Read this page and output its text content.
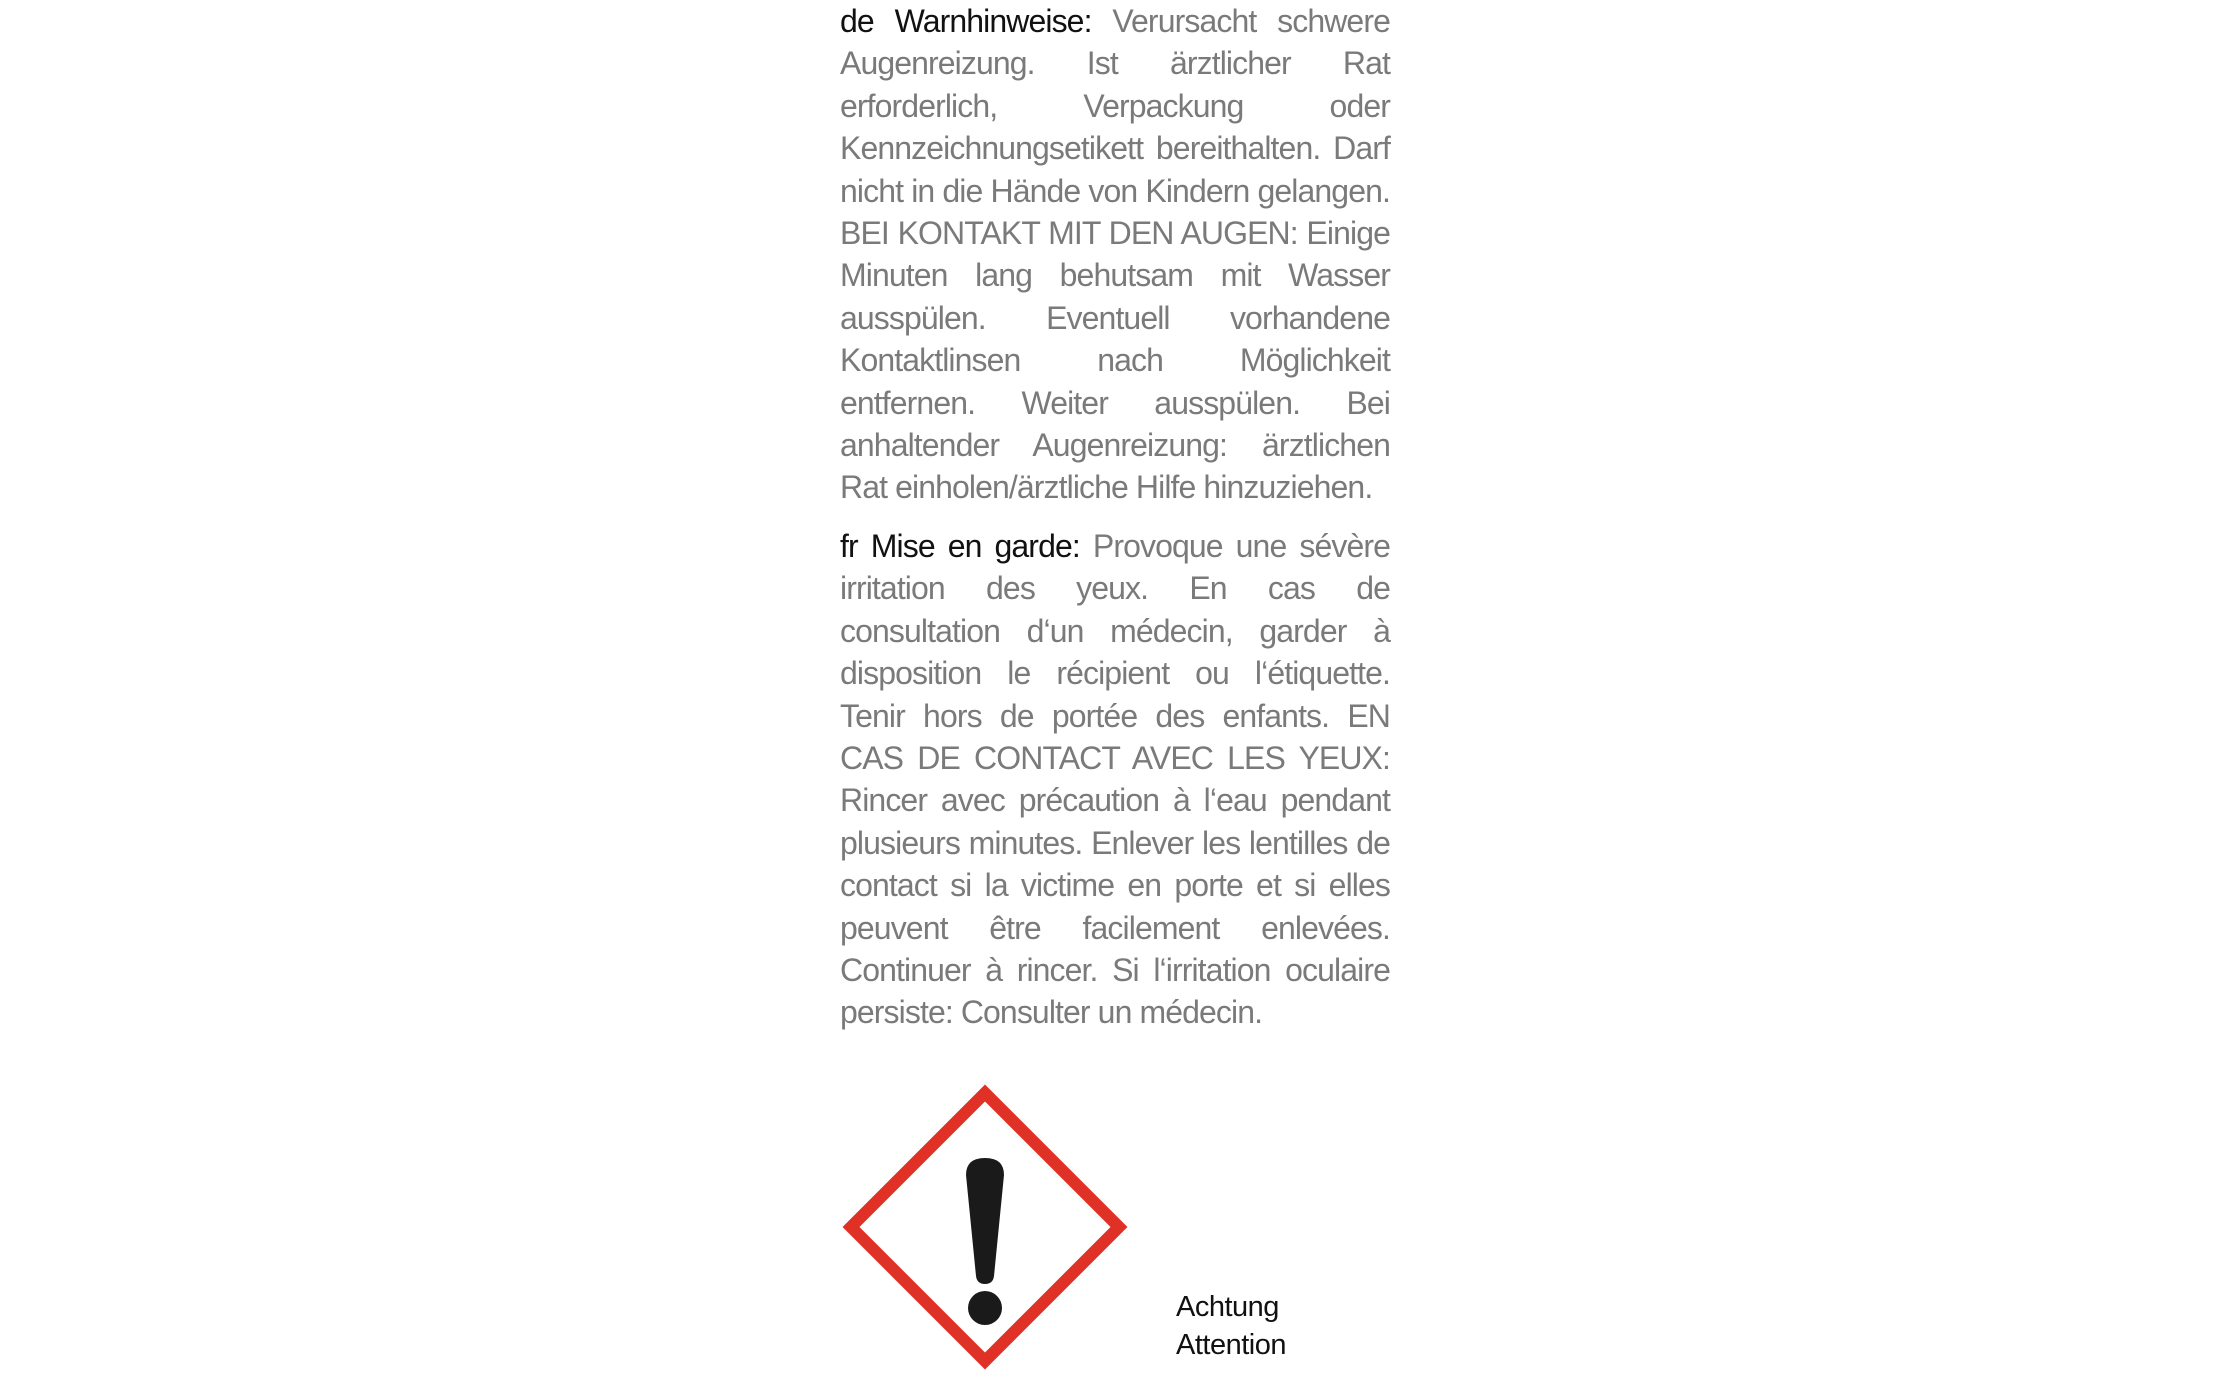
de Warnhinweise: Verursacht schwere Augenreizung. Ist ärztlicher Rat erforderlich, Verpackung oder Kennzeichnungsetikett bereithalten. Darf nicht in die Hände von Kindern gelangen. BEI KONTAKT MIT DEN AUGEN: Einige Minuten lang behutsam mit Wasser ausspülen. Eventuell vorhandene Kontaktlinsen nach Möglichkeit entfernen. Weiter ausspülen. Bei anhaltender Augenreizung: ärztlichen Rat einholen/ärztliche Hilfe hinzuziehen.

fr Mise en garde: Provoque une sévère irritation des yeux. En cas de consultation d‘un médecin, garder à disposition le récipient ou l‘étiquette. Tenir hors de portée des enfants. EN CAS DE CONTACT AVEC LES YEUX: Rincer avec précaution à l‘eau pendant plusieurs minutes. Enlever les lentilles de contact si la victime en porte et si elles peuvent être facilement enlevées. Continuer à rincer. Si l‘irritation oculaire persiste: Consulter un médecin.

Achtung
Attention
